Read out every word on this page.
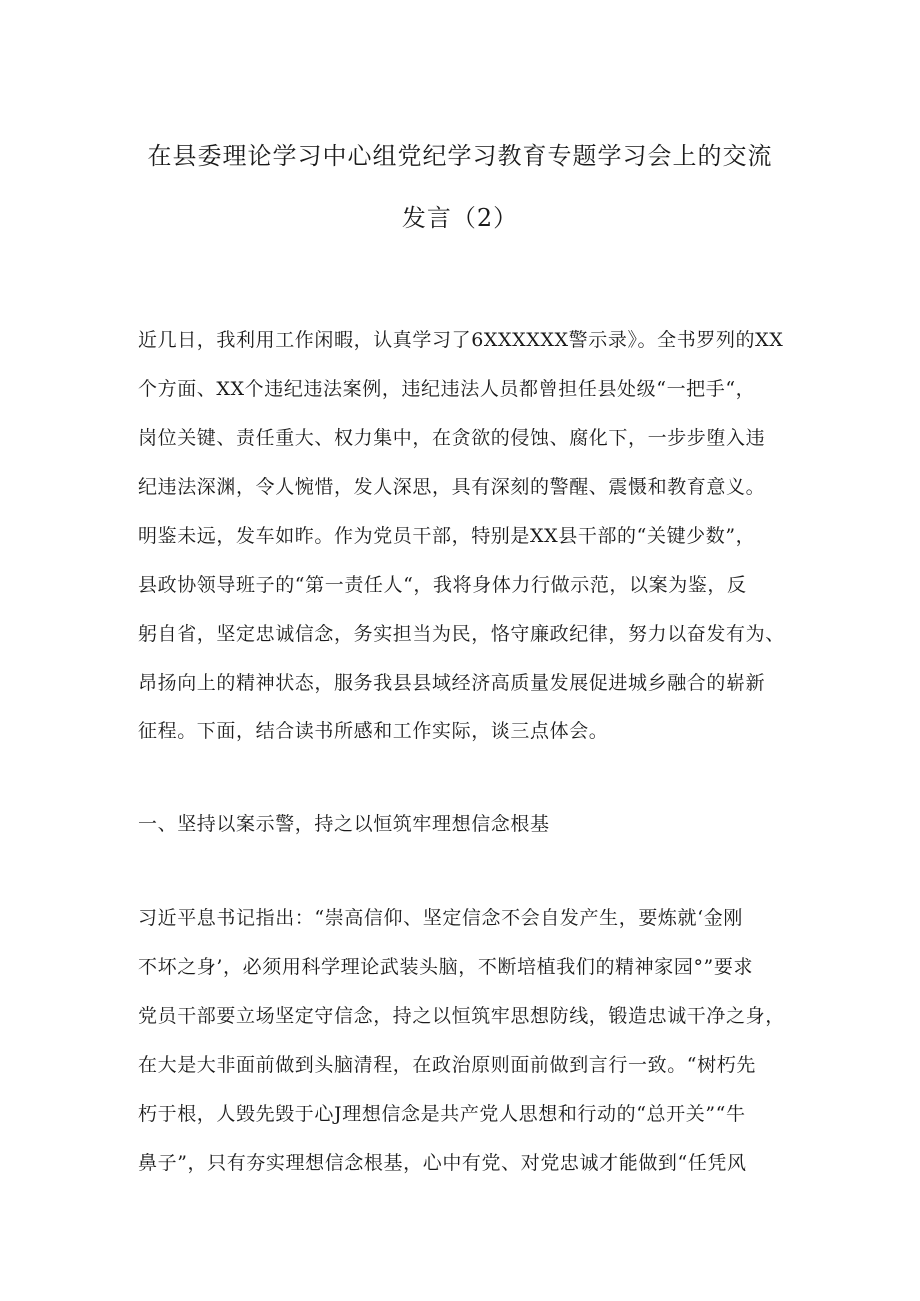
在县委理论学习中心组党纪学习教育专题学习会上的交流
发言（2）
近几日，我利用工作闲暇，认真学习了6XXXXXX警示录》。全书罗列的XX
个方面、XX个违纪违法案例，违纪违法人员都曾担任县处级“一把手“，
岗位关键、责任重大、权力集中，在贪欲的侵蚀、腐化下，一步步堕入违
纪违法深渊，令人惋惜，发人深思，具有深刻的警醒、震慑和教育意义。
明鉴未远，发车如昨。作为党员干部，特别是XX县干部的“关键少数”，
县政协领导班子的“第一责任人“，我将身体力行做示范，以案为鉴，反
躬自省，坚定忠诚信念，务实担当为民，恪守廉政纪律，努力以奋发有为、
昂扬向上的精神状态，服务我县县域经济高质量发展促进城乡融合的崭新
征程。下面，结合读书所感和工作实际，谈三点体会。
一、坚持以案示警，持之以恒筑牢理想信念根基
习近平息书记指出：“崇高信仰、坚定信念不会自发产生，要炼就‘金刚
不坏之身’，必须用科学理论武装头脑，不断培植我们的精神家园°”要求
党员干部要立场坚定守信念，持之以恒筑牢思想防线，锻造忠诚干净之身，
在大是大非面前做到头脑清程，在政治原则面前做到言行一致。“树朽先
朽于根，人毁先毁于心J理想信念是共产党人思想和行动的“总开关”“牛
鼻子”，只有夯实理想信念根基，心中有党、对党忠诚才能做到“任凭风
